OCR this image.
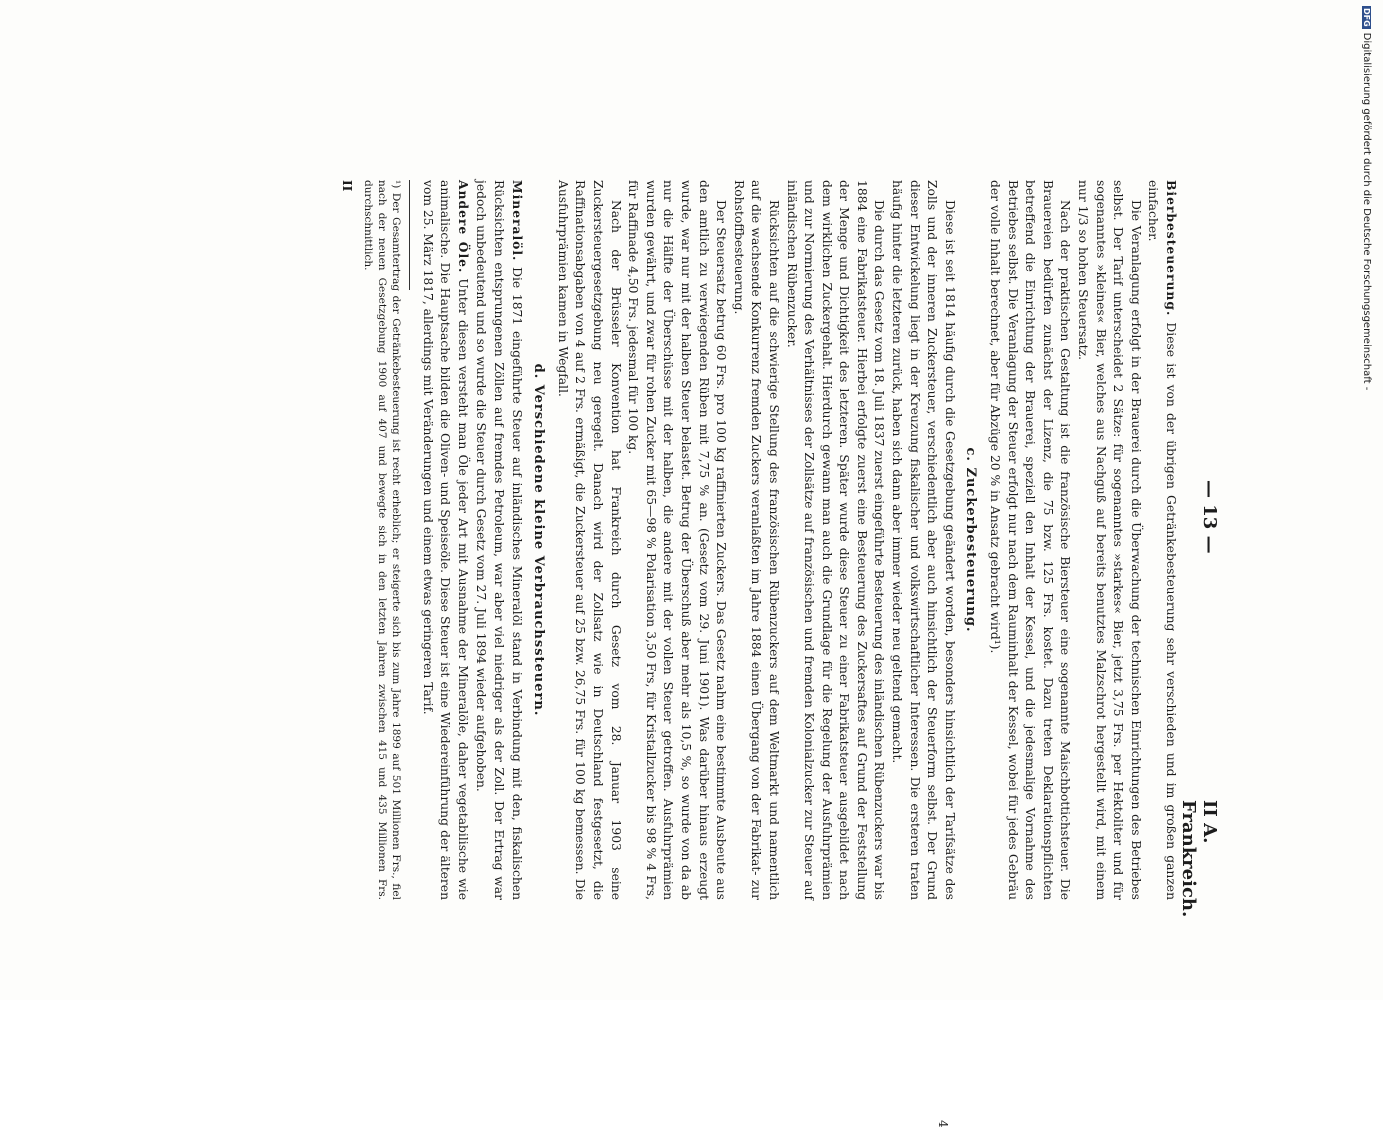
— 13 —
II A. Frankreich.

Bierbesteuerung. Diese ist von der übrigen Getränkebesteuerung sehr verschieden und im großen ganzen einfacher.

Die Veranlagung erfolgt in der Brauerei durch die Überwachung der technischen Einrichtungen des Betriebes selbst. Der Tarif unterscheidet 2 Sätze: für sogenanntes »starkes« Bier, jetzt 3,75 Frs. per Hektoliter und für sogenanntes »kleines« Bier, welches aus Nachguß auf bereits benutztes Malzschrot hergestellt wird, mit einem nur 1/3 so hohen Steuersatz.

Nach der praktischen Gestaltung ist die französische Biersteuer eine sogenannte Maischbottichsteuer. Die Brauereien bedürfen zunächst der Lizenz, die 75 bzw. 125 Frs. kostet. Dazu treten Deklarationspflichten betreffend die Einrichtung der Brauerei, speziell den Inhalt der Kessel, und die jedesmalige Vornahme des Betriebes selbst. Die Veranlagung der Steuer erfolgt nur nach dem Rauminhalt der Kessel, wobei für jedes Gebräu der volle Inhalt berechnet, aber für Abzüge 20 % in Ansatz gebracht wird¹).

c. Zuckerbesteuerung.

Diese ist seit 1814 häufig durch die Gesetzgebung geändert worden, besonders hinsichtlich der Tarifsätze des Zolls und der inneren Zuckersteuer, verschiedentlich aber auch hinsichtlich der Steuerform selbst. Der Grund dieser Entwickelung liegt in der Kreuzung fiskalischer und volkswirtschaftlicher Interessen. Die ersteren traten häufig hinter die letzteren zurück, haben sich dann aber immer wieder neu geltend gemacht.

Die durch das Gesetz vom 18. Juli 1837 zuerst eingeführte Besteuerung des inländischen Rübenzuckers war bis 1884 eine Fabrikatsteuer. Hierbei erfolgte zuerst eine Besteuerung des Zuckersaftes auf Grund der Feststellung der Menge und Dichtigkeit des letzteren. Später wurde diese Steuer zu einer Fabrikatsteuer ausgebildet nach dem wirklichen Zuckergehalt. Hierdurch gewann man auch die Grundlage für die Regelung der Ausfuhrprämien und zur Normierung des Verhältnisses der Zollsätze auf französischen und fremden Kolonialzucker zur Steuer auf inländischen Rübenzucker.

Rücksichten auf die schwierige Stellung des französischen Rübenzuckers auf dem Weltmarkt und namentlich auf die wachsende Konkurrenz fremden Zuckers veranlaßten im Jahre 1884 einen Übergang von der Fabrikat- zur Rohstoffbesteuerung.

Der Steuersatz betrug 60 Frs. pro 100 kg raffinierten Zuckers. Das Gesetz nahm eine bestimmte Ausbeute aus den amtlich zu verwiegenden Rüben mit 7,75 % an. (Gesetz vom 29. Juni 1901). Was darüber hinaus erzeugt wurde, war nur mit der halben Steuer belastet. Betrug der Überschuß aber mehr als 10,5 %, so wurde von da ab nur die Hälfte der Überschüsse mit der halben, die andere mit der vollen Steuer getroffen. Ausfuhrprämien wurden gewährt, und zwar für rohen Zucker mit 65—98 % Polarisation 3,50 Frs, für Kristallzucker bis 98 % 4 Frs, für Raffinade 4,50 Frs. jedesmal für 100 kg.

Nach der Brüsseler Konvention hat Frankreich durch Gesetz vom 28. Januar 1903 seine Zuckersteuergesetzgebung neu geregelt. Danach wird der Zollsatz wie in Deutschland festgesetzt, die Raffinationsabgaben von 4 auf 2 Frs. ermäßigt, die Zuckersteuer auf 25 bzw. 26,75 Frs. für 100 kg bemessen. Die Ausfuhrprämien kamen in Wegfall.

d. Verschiedene kleine Verbrauchssteuern.

Mineralöl. Die 1871 eingeführte Steuer auf inländisches Mineralöl stand in Verbindung mit den, fiskalischen Rücksichten entsprungenen Zöllen auf fremdes Petroleum, war aber viel niedriger als der Zoll. Der Ertrag war jedoch unbedeutend und so wurde die Steuer durch Gesetz vom 27. Juli 1894 wieder aufgehoben.

Andere Öle. Unter diesen versteht man Öle jeder Art mit Ausnahme der Mineralöle, daher vegetabilische wie animalische. Die Hauptsache bilden die Oliven- und Speiseöle. Diese Steuer ist eine Wiedereinführung der älteren vom 25. März 1817, allerdings mit Veränderungen und einem etwas geringeren Tarif.

¹) Der Gesamtertrag der Getränkebesteuerung ist recht erheblich; er steigerte sich bis zum Jahre 1899 auf 501 Millionen Frs., fiel nach der neuen Gesetzgebung 1900 auf 407 und bewegte sich in den letzten Jahren zwischen 415 und 435 Millionen Frs. durchschnittlich.
II
4
DFGDigitalisierung gefördert durch die Deutsche Forschungsgemeinschaft -
